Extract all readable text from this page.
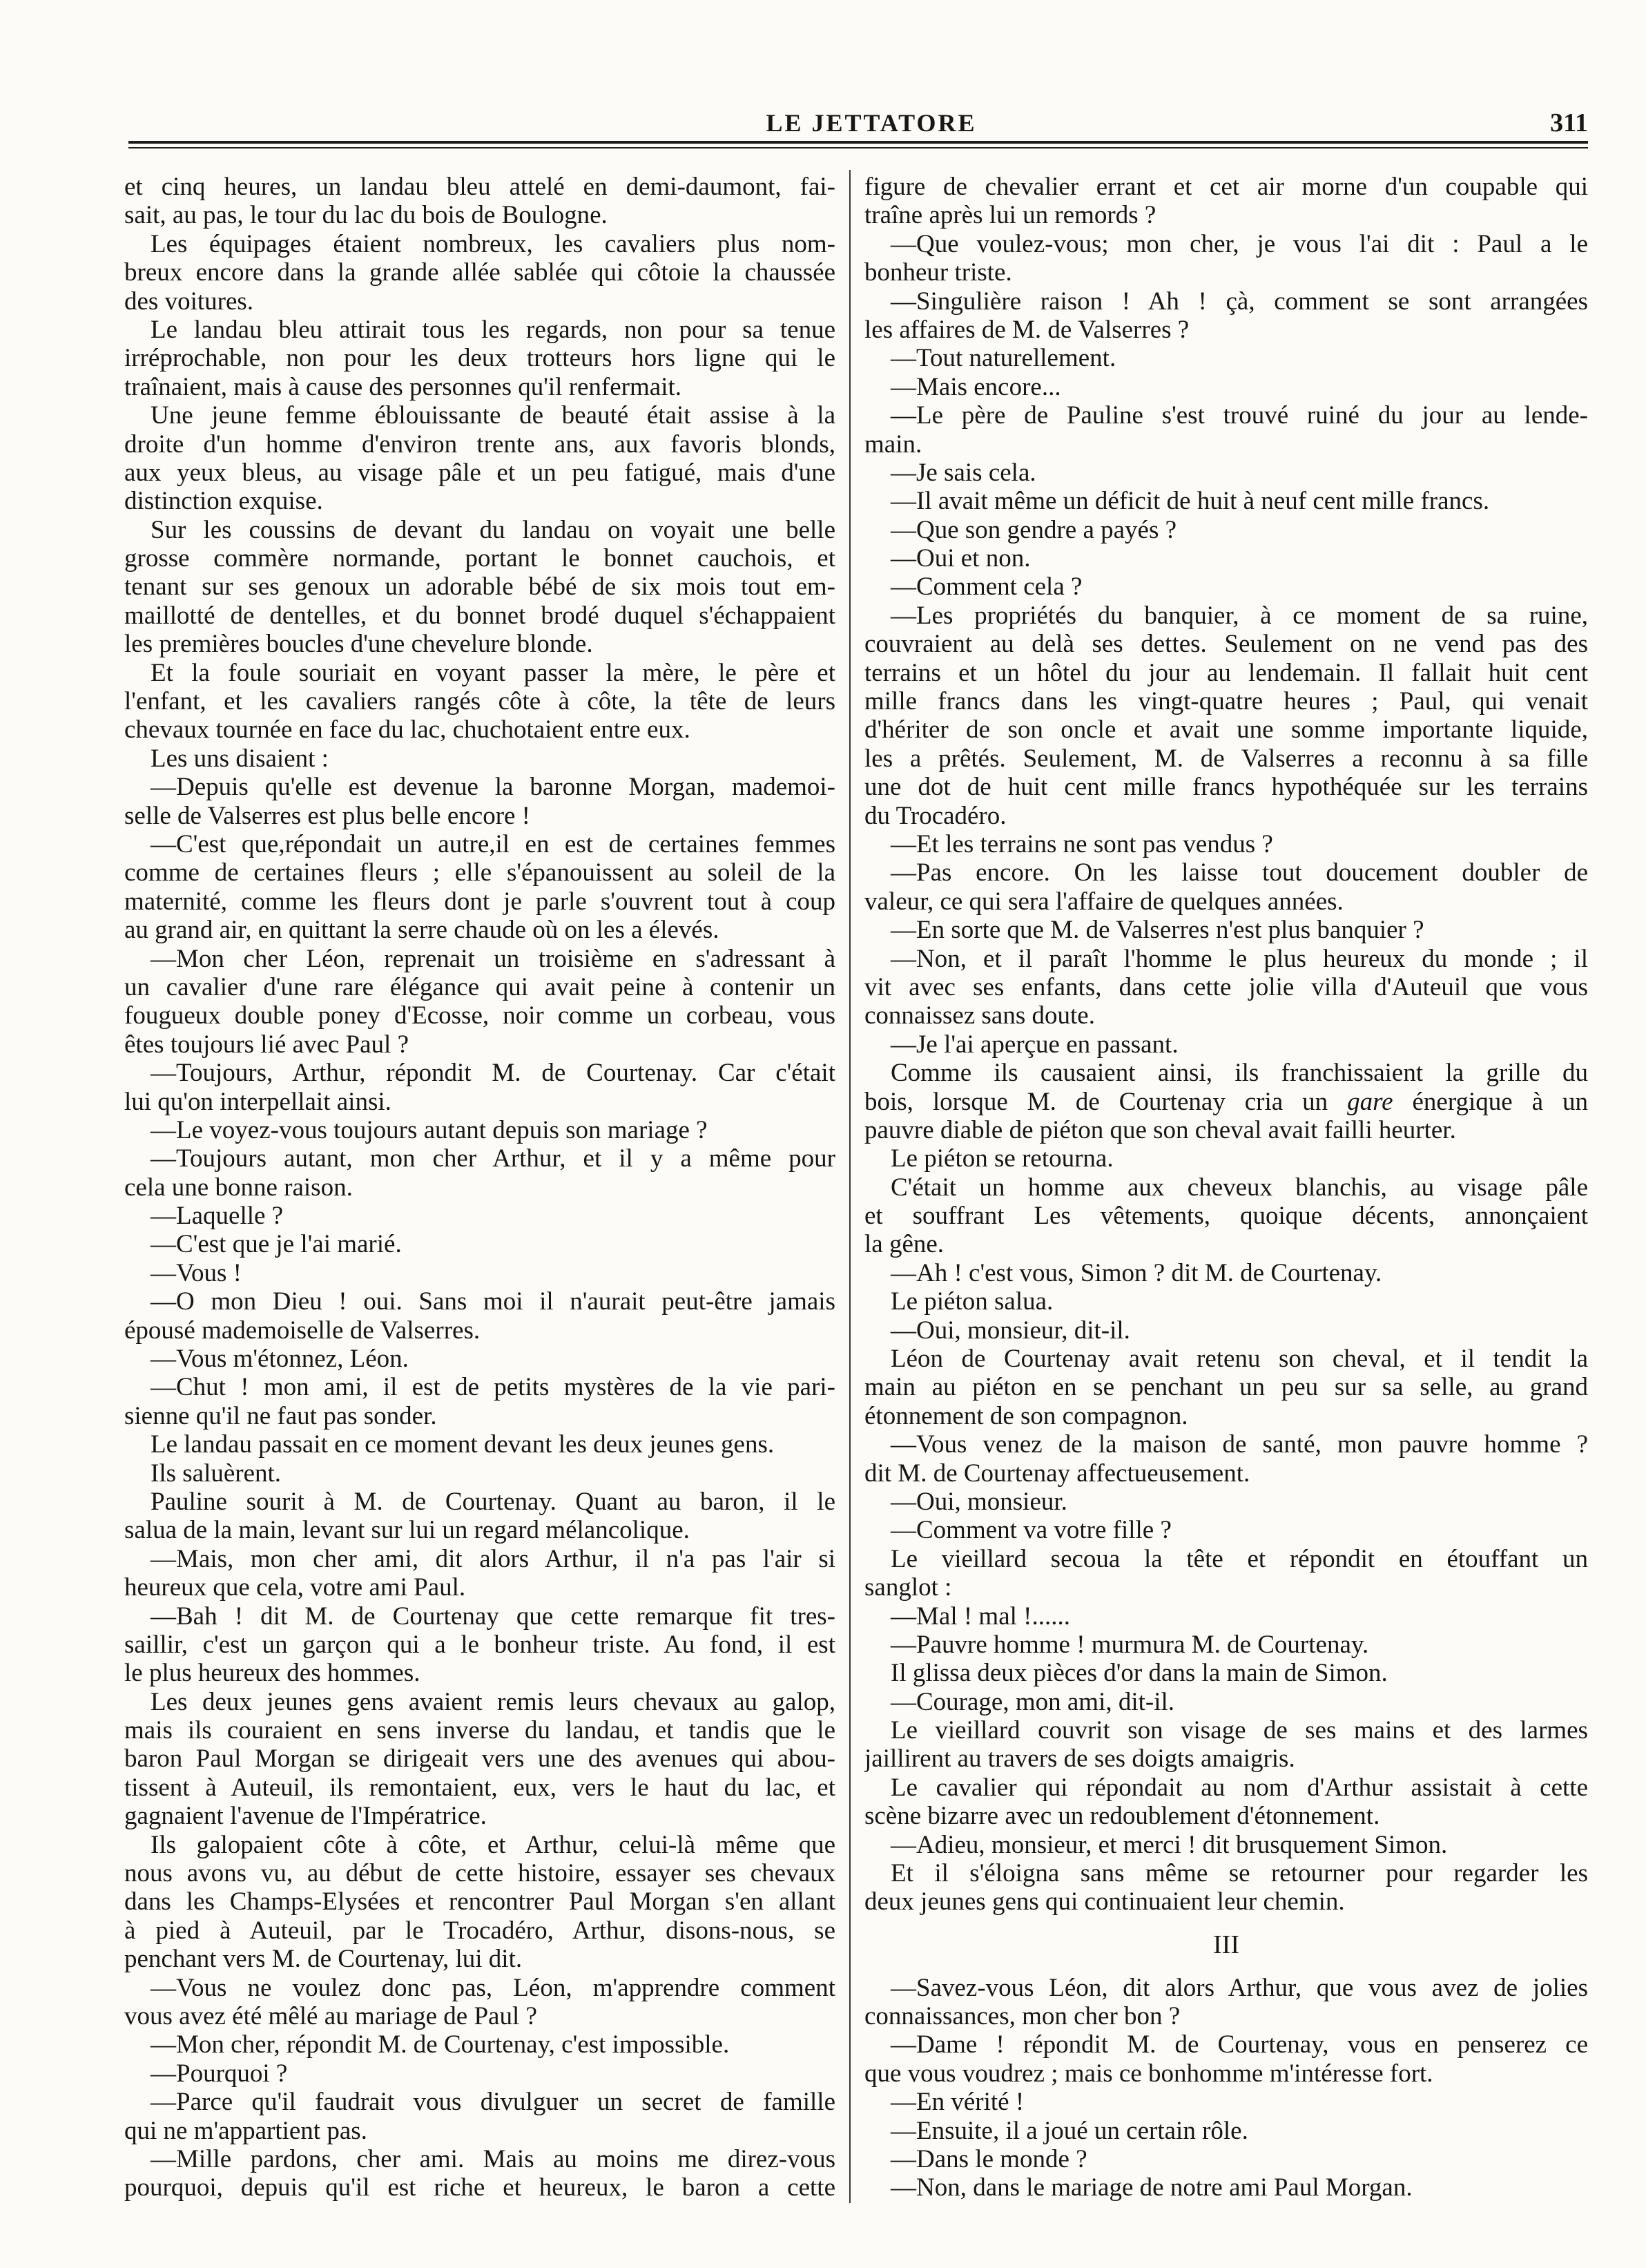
LE JETTATORE	311
et cinq heures, un landau bleu attelé en demi-daumont, fai-
sait, au pas, le tour du lac du bois de Boulogne.
Les équipages étaient nombreux, les cavaliers plus nom-
breux encore dans la grande allée sablée qui côtoie la chaussée
des voitures.
Le landau bleu attirait tous les regards, non pour sa tenue
irréprochable, non pour les deux trotteurs hors ligne qui le
traînaient, mais à cause des personnes qu'il renfermait.
Une jeune femme éblouissante de beauté était assise à la
droite d'un homme d'environ trente ans, aux favoris blonds,
aux yeux bleus, au visage pâle et un peu fatigué, mais d'une
distinction exquise.
Sur les coussins de devant du landau on voyait une belle
grosse commère normande, portant le bonnet cauchois, et
tenant sur ses genoux un adorable bébé de six mois tout em-
maillotté de dentelles, et du bonnet brodé duquel s'échappaient
les premières boucles d'une chevelure blonde.
Et la foule souriait en voyant passer la mère, le père et
l'enfant, et les cavaliers rangés côte à côte, la tête de leurs
chevaux tournée en face du lac, chuchotaient entre eux.
Les uns disaient :
—Depuis qu'elle est devenue la baronne Morgan, mademoi-
selle de Valserres est plus belle encore !
—C'est que,répondait un autre,il en est de certaines femmes
comme de certaines fleurs ; elle s'épanouissent au soleil de la
maternité, comme les fleurs dont je parle s'ouvrent tout à coup
au grand air, en quittant la serre chaude où on les a élevés.
—Mon cher Léon, reprenait un troisième en s'adressant à
un cavalier d'une rare élégance qui avait peine à contenir un
fougueux double poney d'Ecosse, noir comme un corbeau, vous
êtes toujours lié avec Paul ?
—Toujours, Arthur, répondit M. de Courtenay. Car c'était
lui qu'on interpellait ainsi.
—Le voyez-vous toujours autant depuis son mariage ?
—Toujours autant, mon cher Arthur, et il y a même pour
cela une bonne raison.
—Laquelle ?
—C'est que je l'ai marié.
—Vous !
—O mon Dieu ! oui. Sans moi il n'aurait peut-être jamais
épousé mademoiselle de Valserres.
—Vous m'étonnez, Léon.
—Chut ! mon ami, il est de petits mystères de la vie pari-
sienne qu'il ne faut pas sonder.
Le landau passait en ce moment devant les deux jeunes gens.
Ils saluèrent.
Pauline sourit à M. de Courtenay. Quant au baron, il le
salua de la main, levant sur lui un regard mélancolique.
—Mais, mon cher ami, dit alors Arthur, il n'a pas l'air si
heureux que cela, votre ami Paul.
—Bah ! dit M. de Courtenay que cette remarque fit tres-
saillir, c'est un garçon qui a le bonheur triste. Au fond, il est
le plus heureux des hommes.
Les deux jeunes gens avaient remis leurs chevaux au galop,
mais ils couraient en sens inverse du landau, et tandis que le
baron Paul Morgan se dirigeait vers une des avenues qui abou-
tissent à Auteuil, ils remontaient, eux, vers le haut du lac, et
gagnaient l'avenue de l'Impératrice.
Ils galopaient côte à côte, et Arthur, celui-là même que
nous avons vu, au début de cette histoire, essayer ses chevaux
dans les Champs-Elysées et rencontrer Paul Morgan s'en allant
à pied à Auteuil, par le Trocadéro, Arthur, disons-nous, se
penchant vers M. de Courtenay, lui dit.
—Vous ne voulez donc pas, Léon, m'apprendre comment
vous avez été mêlé au mariage de Paul ?
—Mon cher, répondit M. de Courtenay, c'est impossible.
—Pourquoi ?
—Parce qu'il faudrait vous divulguer un secret de famille
qui ne m'appartient pas.
—Mille pardons, cher ami. Mais au moins me direz-vous
pourquoi, depuis qu'il est riche et heureux, le baron a cette
figure de chevalier errant et cet air morne d'un coupable qui
traîne après lui un remords ?
—Que voulez-vous; mon cher, je vous l'ai dit : Paul a le
bonheur triste.
—Singulière raison ! Ah ! çà, comment se sont arrangées
les affaires de M. de Valserres ?
—Tout naturellement.
—Mais encore...
—Le père de Pauline s'est trouvé ruiné du jour au lende-
main.
—Je sais cela.
—Il avait même un déficit de huit à neuf cent mille francs.
—Que son gendre a payés ?
—Oui et non.
—Comment cela ?
—Les propriétés du banquier, à ce moment de sa ruine,
couvraient au delà ses dettes. Seulement on ne vend pas des
terrains et un hôtel du jour au lendemain. Il fallait huit cent
mille francs dans les vingt-quatre heures ; Paul, qui venait
d'hériter de son oncle et avait une somme importante liquide,
les a prêtés. Seulement, M. de Valserres a reconnu à sa fille
une dot de huit cent mille francs hypothéquée sur les terrains
du Trocadéro.
—Et les terrains ne sont pas vendus ?
—Pas encore. On les laisse tout doucement doubler de
valeur, ce qui sera l'affaire de quelques années.
—En sorte que M. de Valserres n'est plus banquier ?
—Non, et il paraît l'homme le plus heureux du monde ; il
vit avec ses enfants, dans cette jolie villa d'Auteuil que vous
connaissez sans doute.
—Je l'ai aperçue en passant.
Comme ils causaient ainsi, ils franchissaient la grille du
bois, lorsque M. de Courtenay cria un gare énergique à un
pauvre diable de piéton que son cheval avait failli heurter.
Le piéton se retourna.
C'était un homme aux cheveux blanchis, au visage pâle
et souffrant Les vêtements, quoique décents, annonçaient
la gêne.
—Ah ! c'est vous, Simon ? dit M. de Courtenay.
Le piéton salua.
—Oui, monsieur, dit-il.
Léon de Courtenay avait retenu son cheval, et il tendit la
main au piéton en se penchant un peu sur sa selle, au grand
étonnement de son compagnon.
—Vous venez de la maison de santé, mon pauvre homme ?
dit M. de Courtenay affectueusement.
—Oui, monsieur.
—Comment va votre fille ?
Le vieillard secoua la tête et répondit en étouffant un
sanglot :
—Mal ! mal !......
—Pauvre homme ! murmura M. de Courtenay.
Il glissa deux pièces d'or dans la main de Simon.
—Courage, mon ami, dit-il.
Le vieillard couvrit son visage de ses mains et des larmes
jaillirent au travers de ses doigts amaigris.
Le cavalier qui répondait au nom d'Arthur assistait à cette
scène bizarre avec un redoublement d'étonnement.
—Adieu, monsieur, et merci ! dit brusquement Simon.
Et il s'éloigna sans même se retourner pour regarder les
deux jeunes gens qui continuaient leur chemin.
III
—Savez-vous Léon, dit alors Arthur, que vous avez de jolies
connaissances, mon cher bon ?
—Dame ! répondit M. de Courtenay, vous en penserez ce
que vous voudrez ; mais ce bonhomme m'intéresse fort.
—En vérité !
—Ensuite, il a joué un certain rôle.
—Dans le monde ?
—Non, dans le mariage de notre ami Paul Morgan.
